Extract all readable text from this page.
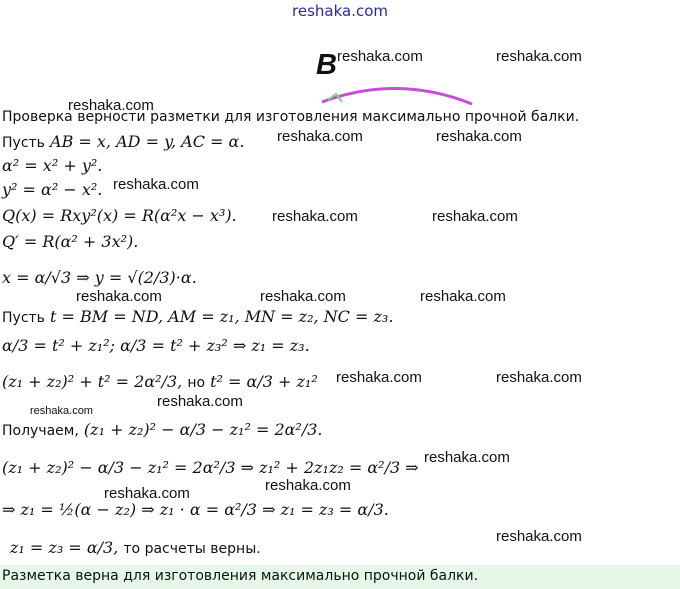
reshaka.com
B reshaka.com	reshaka.com
reshaka.com
reshaka.com	reshaka.com
reshaka.com
reshaka.com	reshaka.com
reshaka.com	reshaka.com	reshaka.com
reshaka.com	reshaka.com
reshaka.com
reshaka.com
reshaka.com
reshaka.com	reshaka.com
reshaka.com
Проверка верности разметки для изготовления максимально прочной балки.
Пусть AB = x, AD = y, AC = α.
α² = x² + y².
y² = α² − x².
Q(x) = Rxy²(x) = R(α²x − x³).
Q′ = R(α² + 3x²).
x = α/√3 ⇒ y = √(2/3)·α.
Пусть t = BM = ND, AM = z₁, MN = z₂, NC = z₃.
α/3 = t² + z₁²; α/3 = t² + z₃² ⇒ z₁ = z₃.
(z₁ + z₂)² + t² = 2α²/3, но t² = α/3 + z₁²
Получаем, (z₁ + z₂)² − α/3 − z₁² = 2α²/3.
(z₁ + z₂)² − α/3 − z₁² = 2α²/3 ⇒ z₁² + 2z₁z₂ = α²/3 ⇒
⇒ z₁ = ½(α − z₂) ⇒ z₁ · α = α²/3 ⇒ z₁ = z₃ = α/3.
z₁ = z₃ = α/3, то расчеты верны.
Разметка верна для изготовления максимально прочной балки.
